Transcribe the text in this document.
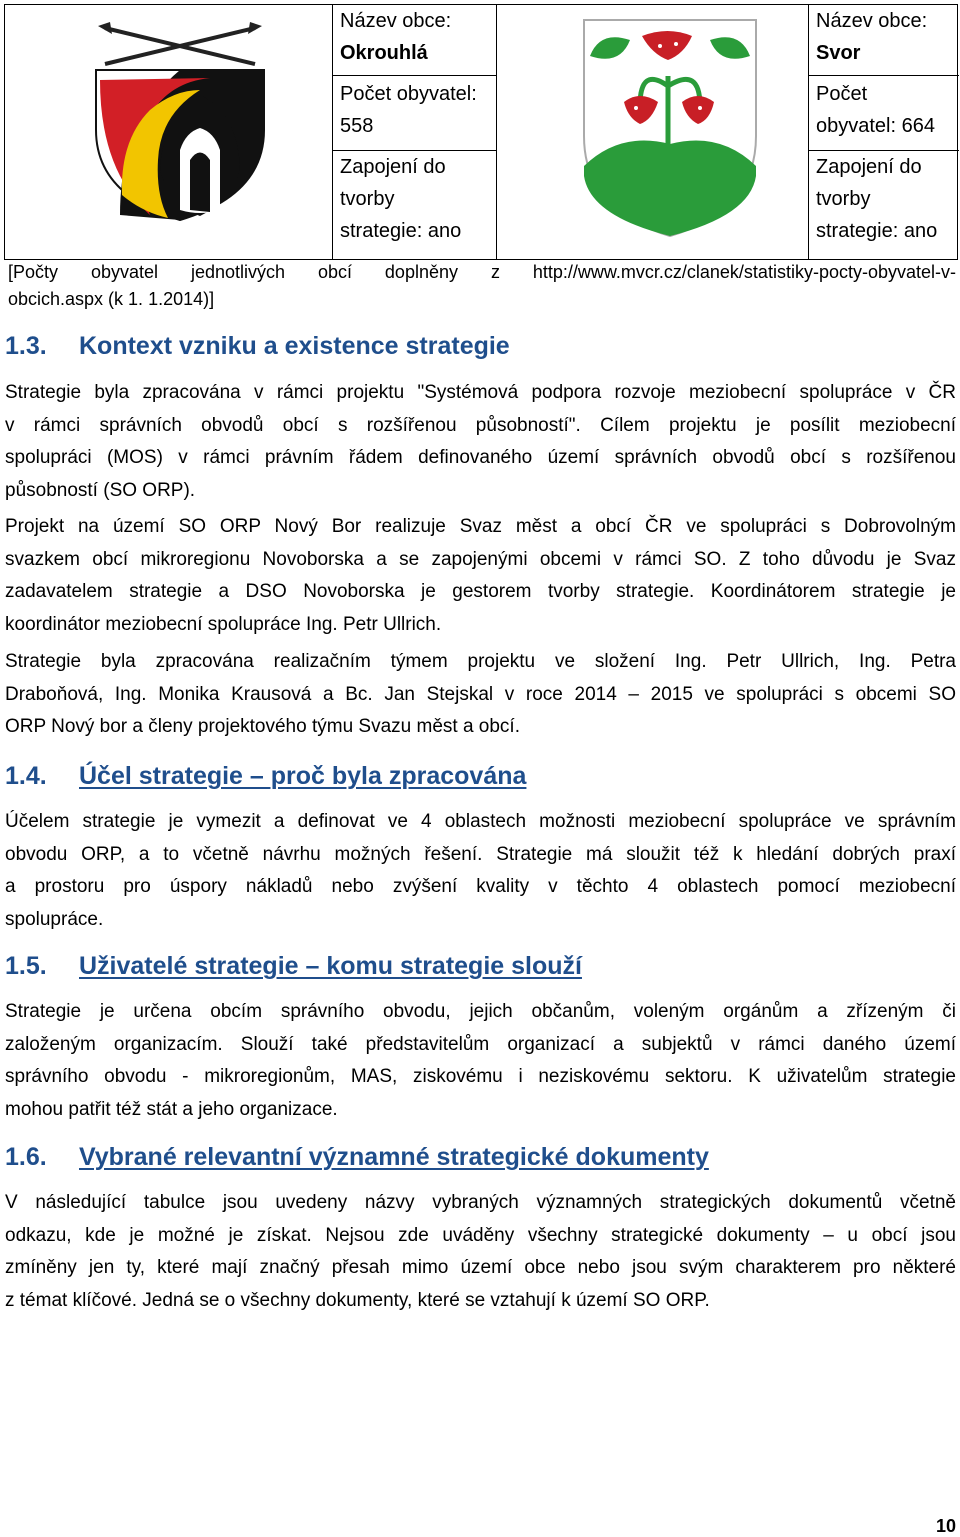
Název obce:
Okrouhlá
Počet obyvatel:
558
Zapojení do
tvorby
strategie: ano
Název obce:
Svor
Počet
obyvatel: 664
Zapojení do
tvorby
strategie: ano
[Počty obyvatel jednotlivých obcí doplněny z http://www.mvcr.cz/clanek/statistiky-pocty-obyvatel-v-
obcich.aspx (k 1. 1.2014)]
1.3. Kontext vzniku a existence strategie
Strategie byla zpracována v rámci projektu "Systémová podpora rozvoje meziobecní spolupráce v ČR
v rámci správních obvodů obcí s rozšířenou působností". Cílem projektu je posílit meziobecní
spolupráci (MOS) v rámci právním řádem definovaného území správních obvodů obcí s rozšířenou
působností (SO ORP).
Projekt na území SO ORP Nový Bor realizuje Svaz měst a obcí ČR ve spolupráci s Dobrovolným
svazkem obcí mikroregionu Novoborska a se zapojenými obcemi v rámci SO. Z toho důvodu je Svaz
zadavatelem strategie a DSO Novoborska je gestorem tvorby strategie. Koordinátorem strategie je
koordinátor meziobecní spolupráce Ing. Petr Ullrich.
Strategie byla zpracována realizačním týmem projektu ve složení Ing. Petr Ullrich, Ing. Petra
Draboňová, Ing. Monika Krausová a Bc. Jan Stejskal v roce 2014 – 2015 ve spolupráci s obcemi SO
ORP Nový bor a členy projektového týmu Svazu měst a obcí.
1.4. Účel strategie – proč byla zpracována
Účelem strategie je vymezit a definovat ve 4 oblastech možnosti meziobecní spolupráce ve správním
obvodu ORP, a to včetně návrhu možných řešení. Strategie má sloužit též k hledání dobrých praxí
a prostoru pro úspory nákladů nebo zvýšení kvality v těchto 4 oblastech pomocí meziobecní
spolupráce.
1.5. Uživatelé strategie – komu strategie slouží
Strategie je určena obcím správního obvodu, jejich občanům, voleným orgánům a zřízeným či
založeným organizacím. Slouží také představitelům organizací a subjektů v rámci daného území
správního obvodu - mikroregionům, MAS, ziskovému i neziskovému sektoru. K uživatelům strategie
mohou patřit též stát a jeho organizace.
1.6. Vybrané relevantní významné strategické dokumenty
V následující tabulce jsou uvedeny názvy vybraných významných strategických dokumentů včetně
odkazu, kde je možné je získat. Nejsou zde uváděny všechny strategické dokumenty – u obcí jsou
zmíněny jen ty, které mají značný přesah mimo území obce nebo jsou svým charakterem pro některé
z témat klíčové. Jedná se o všechny dokumenty, které se vztahují k území SO ORP.
10
